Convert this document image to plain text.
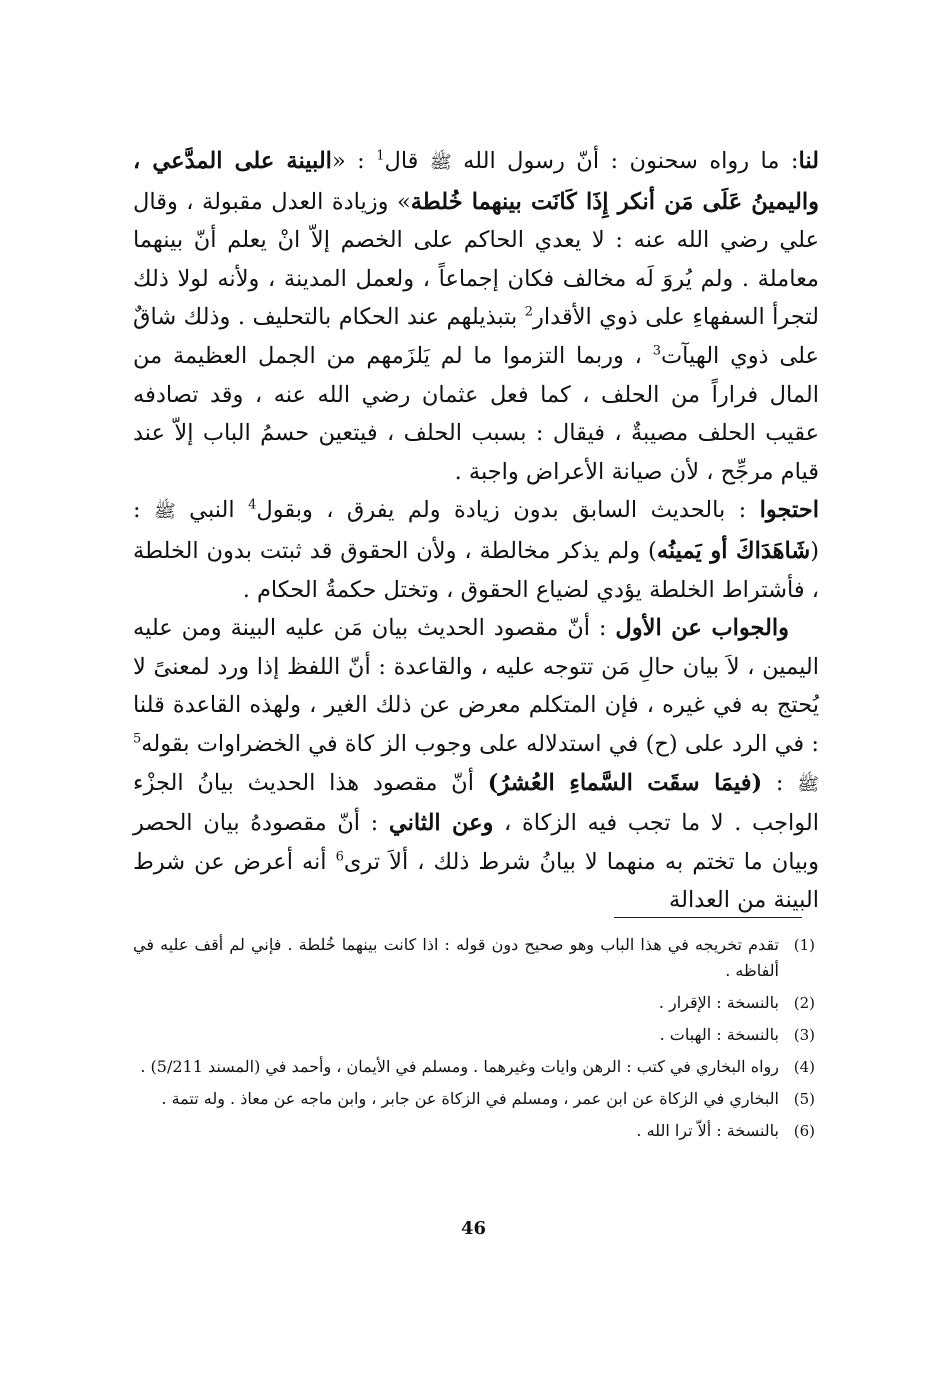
لنا: ما رواه سحنون : أنّ رسول الله ﷺ قال$^1$ : «البينة على المدَّعي ، واليمينُ عَلَى مَن أنكر إِذَا كَانَت بينهما خُلطة» وزيادة العدل مقبولة ، وقال علي رضي الله عنه : لا يعدي الحاكم على الخصم إلاّ انْ يعلم أنّ بينهما معاملة . ولم يُروَ لَه مخالف فكان إجماعاً ، ولعمل المدينة ، ولأنه لولا ذلك لتجرأ السفهاءِ على ذوي الأقدار$^2$ بتبذيلهم عند الحكام بالتحليف . وذلك شاقٌ على ذوي الهيآت$^3$ ، وربما التزموا ما لم يَلزَمهم من الجمل العظيمة من المال فراراً من الحلف ، كما فعل عثمان رضي الله عنه ، وقد تصادفه عقيب الحلف مصيبةٌ ، فيقال : بسبب الحلف ، فيتعين حسمُ الباب إلاّ عند قيام مرجِّح ، لأن صيانة الأعراض واجبة .

احتجوا : بالحديث السابق بدون زيادة ولم يفرق ، وبقول$^4$ النبي ﷺ : (شَاهَدَاكَ أو يَمينُه) ولم يذكر مخالطة ، ولأن الحقوق قد ثبتت بدون الخلطة ، فأشتراط الخلطة يؤدي لضياع الحقوق ، وتختل حكمةُ الحكام .

والجواب عن الأول : أنّ مقصود الحديث بيان مَن عليه البينة ومن عليه اليمين ، لاَ بيان حالِ مَن تتوجه عليه ، والقاعدة : أنّ اللفظ إذا ورد لمعنىً لا يُحتج به في غيره ، فإن المتكلم معرض عن ذلك الغير ، ولهذه القاعدة قلنا : في الرد على (ح) في استدلاله على وجوب الز كاة في الخضراوات بقوله$^5$ ﷺ : (فيمَا سقَت السَّماءِ العُشرُ) أنّ مقصود هذا الحديث بيانُ الجزْء الواجب . لا ما تجب فيه الزكاة ، وعن الثاني : أنّ مقصودهُ بيان الحصر وبيان ما تختم به منهما لا بيانُ شرط ذلك ، ألاَ ترى$^6$ أنه أعرض عن شرط البينة من العدالة

(1)
تقدم تخريجه في هذا الباب وهو صحيح دون قوله : اذا كانت بينهما خُلطة . فإني لم أقف عليه في ألفاظه .
(2)
بالنسخة : الإقرار .
(3)
بالنسخة : الهبات .
(4)
رواه البخاري في كتب : الرهن وايات وغيرهما . ومسلم في الأيمان ، وأحمد في (المسند 5/211) .
(5)
البخاري في الزكاة عن ابن عمر ، ومسلم في الزكاة عن جابر ، وابن ماجه عن معاذ . وله تتمة .
(6)
بالنسخة : ألاّ ترا الله .
46
